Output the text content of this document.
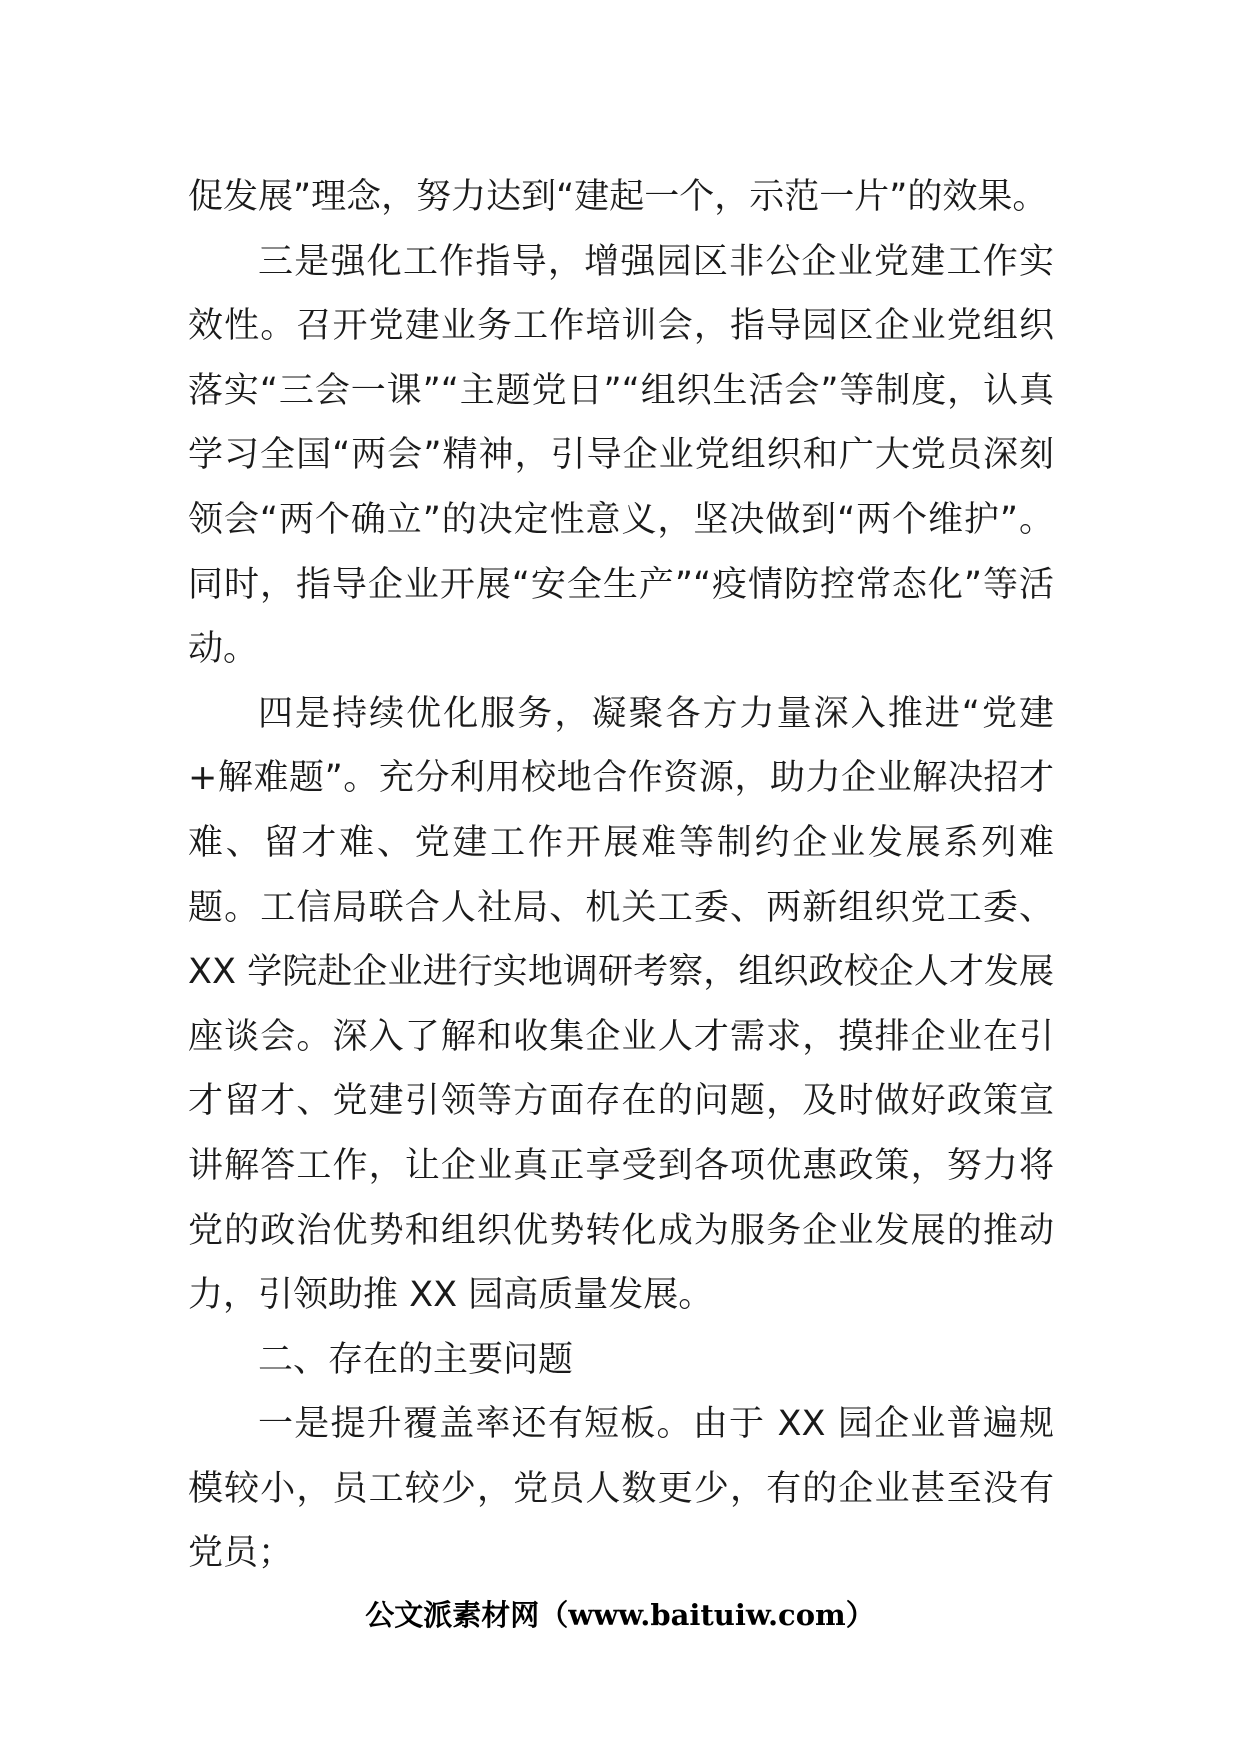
促发展”理念，努力达到“建起一个，示范一片”的效果。

三是强化工作指导，增强园区非公企业党建工作实效性。召开党建业务工作培训会，指导园区企业党组织落实“三会一课”“主题党日”“组织生活会”等制度，认真学习全国“两会”精神，引导企业党组织和广大党员深刻领会“两个确立”的决定性意义，坚决做到“两个维护”。同时，指导企业开展“安全生产”“疫情防控常态化”等活动。

四是持续优化服务，凝聚各方力量深入推进“党建+解难题”。充分利用校地合作资源，助力企业解决招才难、留才难、党建工作开展难等制约企业发展系列难题。工信局联合人社局、机关工委、两新组织党工委、XX 学院赴企业进行实地调研考察，组织政校企人才发展座谈会。深入了解和收集企业人才需求，摸排企业在引才留才、党建引领等方面存在的问题，及时做好政策宣讲解答工作，让企业真正享受到各项优惠政策，努力将党的政治优势和组织优势转化成为服务企业发展的推动力，引领助推 XX 园高质量发展。

二、存在的主要问题

一是提升覆盖率还有短板。由于 XX 园企业普遍规模较小，员工较少，党员人数更少，有的企业甚至没有党员；

公文派素材网（www.baituiw.com）
